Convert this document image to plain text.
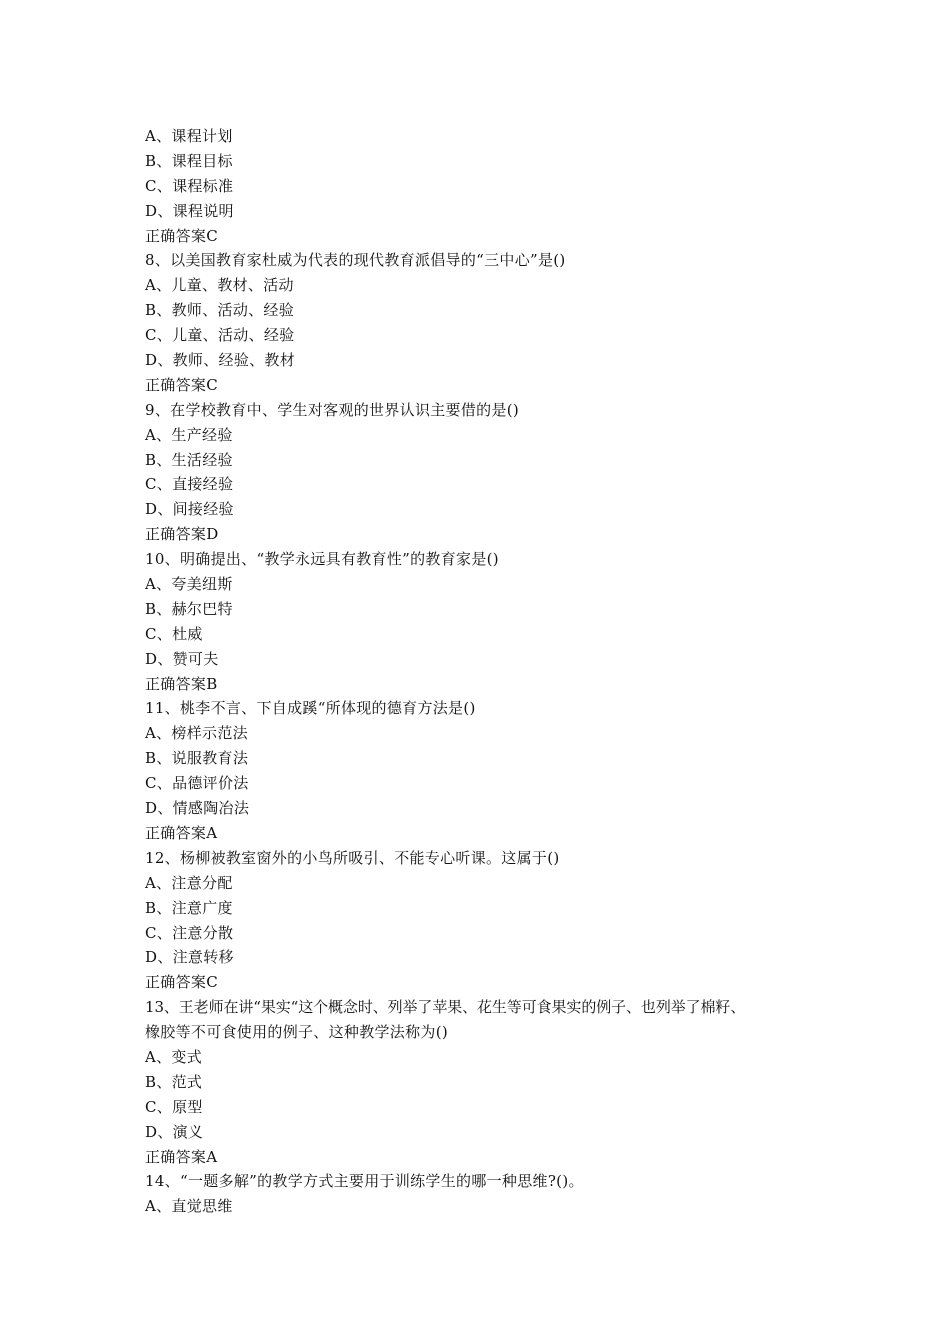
A、课程计划
B、课程目标
C、课程标准
D、课程说明
正确答案C
8、以美国教育家杜威为代表的现代教育派倡导的“三中心”是()
A、儿童、教材、活动
B、教师、活动、经验
C、儿童、活动、经验
D、教师、经验、教材
正确答案C
9、在学校教育中、学生对客观的世界认识主要借的是()
A、生产经验
B、生活经验
C、直接经验
D、间接经验
正确答案D
10、明确提出、“教学永远具有教育性”的教育家是()
A、夸美纽斯
B、赫尔巴特
C、杜威
D、赞可夫
正确答案B
11、桃李不言、下自成蹊“所体现的德育方法是()
A、榜样示范法
B、说服教育法
C、品德评价法
D、情感陶冶法
正确答案A
12、杨柳被教室窗外的小鸟所吸引、不能专心听课。这属于()
A、注意分配
B、注意广度
C、注意分散
D、注意转移
正确答案C
13、王老师在讲“果实“这个概念时、列举了苹果、花生等可食果实的例子、也列举了棉籽、
橡胶等不可食使用的例子、这种教学法称为()
A、变式
B、范式
C、原型
D、演义
正确答案A
14、“一题多解”的教学方式主要用于训练学生的哪一种思维?()。
A、直觉思维
